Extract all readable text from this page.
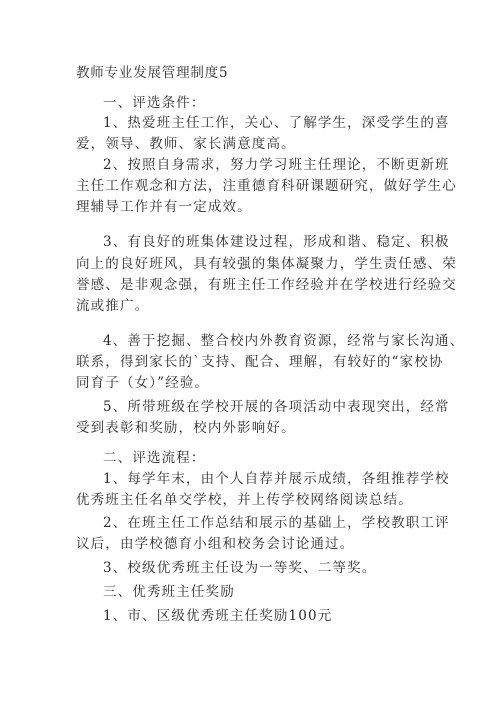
教师专业发展管理制度5
一、评选条件：
1、热爱班主任工作，关心、了解学生，深受学生的喜
爱，领导、教师、家长满意度高。
2、按照自身需求，努力学习班主任理论，不断更新班
主任工作观念和方法，注重德育科研课题研究，做好学生心
理辅导工作并有一定成效。
3、有良好的班集体建设过程，形成和谐、稳定、积极
向上的良好班风，具有较强的集体凝聚力，学生责任感、荣
誉感、是非观念强，有班主任工作经验并在学校进行经验交
流或推广。
4、善于挖掘、整合校内外教育资源，经常与家长沟通、
联系，得到家长的`支持、配合、理解，有较好的“家校协
同育子（女）”经验。
5、所带班级在学校开展的各项活动中表现突出，经常
受到表彰和奖励，校内外影响好。
二、评选流程：
1、每学年末，由个人自荐并展示成绩，各组推荐学校
优秀班主任名单交学校，并上传学校网络阅读总结。
2、在班主任工作总结和展示的基础上，学校教职工评
议后，由学校德育小组和校务会讨论通过。
3、校级优秀班主任设为一等奖、二等奖。
三、优秀班主任奖励
1、市、区级优秀班主任奖励100元
